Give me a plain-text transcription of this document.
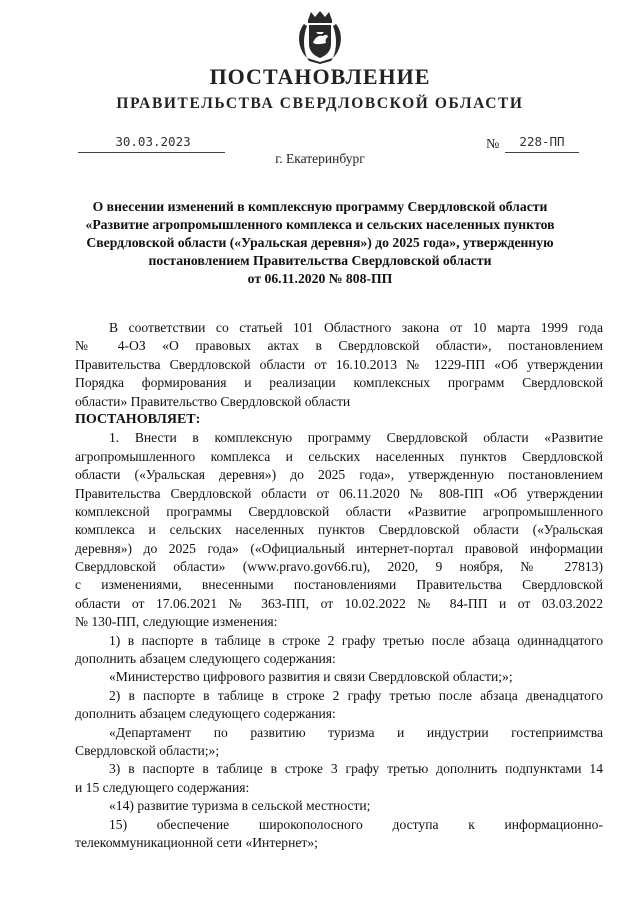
ПОСТАНОВЛЕНИЕ
ПРАВИТЕЛЬСТВА СВЕРДЛОВСКОЙ ОБЛАСТИ
30.03.2023	№	228-ПП
г. Екатеринбург
О внесении изменений в комплексную программу Свердловской области
«Развитие агропромышленного комплекса и сельских населенных пунктов
Свердловской области («Уральская деревня») до 2025 года», утвержденную
постановлением Правительства Свердловской области
от 06.11.2020 № 808-ПП
В соответствии со статьей 101 Областного закона от 10 марта 1999 года
№ 4-ОЗ «О правовых актах в Свердловской области», постановлением
Правительства Свердловской области от 16.10.2013 № 1229-ПП «Об утверждении
Порядка формирования и реализации комплексных программ Свердловской
области» Правительство Свердловской области
ПОСТАНОВЛЯЕТ:
1. Внести в комплексную программу Свердловской области «Развитие
агропромышленного комплекса и сельских населенных пунктов Свердловской
области («Уральская деревня») до 2025 года», утвержденную постановлением
Правительства Свердловской области от 06.11.2020 № 808-ПП «Об утверждении
комплексной программы Свердловской области «Развитие агропромышленного
комплекса и сельских населенных пунктов Свердловской области («Уральская
деревня») до 2025 года» («Официальный интернет-портал правовой информации
Свердловской области» (www.pravo.gov66.ru), 2020, 9 ноября, № 27813)
с изменениями, внесенными постановлениями Правительства Свердловской
области от 17.06.2021 № 363-ПП, от 10.02.2022 № 84-ПП и от 03.03.2022
№ 130-ПП, следующие изменения:
1) в паспорте в таблице в строке 2 графу третью после абзаца одиннадцатого
дополнить абзацем следующего содержания:
«Министерство цифрового развития и связи Свердловской области;»;
2) в паспорте в таблице в строке 2 графу третью после абзаца двенадцатого
дополнить абзацем следующего содержания:
«Департамент по развитию туризма и индустрии гостеприимства
Свердловской области;»;
3) в паспорте в таблице в строке 3 графу третью дополнить подпунктами 14
и 15 следующего содержания:
«14) развитие туризма в сельской местности;
15) обеспечение широкополосного доступа к информационно-
телекоммуникационной сети «Интернет»;
